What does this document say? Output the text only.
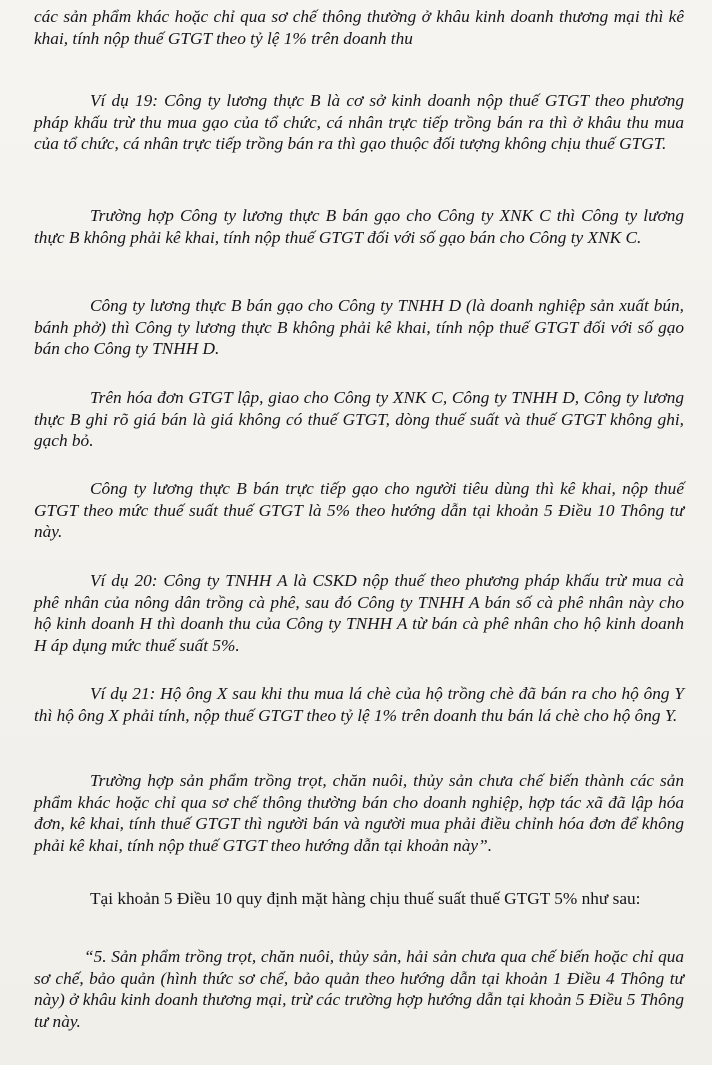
các sản phẩm khác hoặc chỉ qua sơ chế thông thường ở khâu kinh doanh thương mại thì kê khai, tính nộp thuế GTGT theo tỷ lệ 1% trên doanh thu

Ví dụ 19: Công ty lương thực B là cơ sở kinh doanh nộp thuế GTGT theo phương pháp khấu trừ thu mua gạo của tổ chức, cá nhân trực tiếp trồng bán ra thì ở khâu thu mua của tổ chức, cá nhân trực tiếp trồng bán ra thì gạo thuộc đối tượng không chịu thuế GTGT.

Trường hợp Công ty lương thực B bán gạo cho Công ty XNK C thì Công ty lương thực B không phải kê khai, tính nộp thuế GTGT đối với số gạo bán cho Công ty XNK C.

Công ty lương thực B bán gạo cho Công ty TNHH D (là doanh nghiệp sản xuất bún, bánh phở) thì Công ty lương thực B không phải kê khai, tính nộp thuế GTGT đối với số gạo bán cho Công ty TNHH D.

Trên hóa đơn GTGT lập, giao cho Công ty XNK C, Công ty TNHH D, Công ty lương thực B ghi rõ giá bán là giá không có thuế GTGT, dòng thuế suất và thuế GTGT không ghi, gạch bỏ.

Công ty lương thực B bán trực tiếp gạo cho người tiêu dùng thì kê khai, nộp thuế GTGT theo mức thuế suất thuế GTGT là 5% theo hướng dẫn tại khoản 5 Điều 10 Thông tư này.

Ví dụ 20: Công ty TNHH A là CSKD nộp thuế theo phương pháp khấu trừ mua cà phê nhân của nông dân trồng cà phê, sau đó Công ty TNHH A bán số cà phê nhân này cho hộ kinh doanh H thì doanh thu của Công ty TNHH A từ bán cà phê nhân cho hộ kinh doanh H áp dụng mức thuế suất 5%.

Ví dụ 21: Hộ ông X sau khi thu mua lá chè của hộ trồng chè đã bán ra cho hộ ông Y thì hộ ông X phải tính, nộp thuế GTGT theo tỷ lệ 1% trên doanh thu bán lá chè cho hộ ông Y.

Trường hợp sản phẩm trồng trọt, chăn nuôi, thủy sản chưa chế biến thành các sản phẩm khác hoặc chỉ qua sơ chế thông thường bán cho doanh nghiệp, hợp tác xã đã lập hóa đơn, kê khai, tính thuế GTGT thì người bán và người mua phải điều chỉnh hóa đơn để không phải kê khai, tính nộp thuế GTGT theo hướng dẫn tại khoản này”.

Tại khoản 5 Điều 10 quy định mặt hàng chịu thuế suất thuế GTGT 5% như sau:

“5. Sản phẩm trồng trọt, chăn nuôi, thủy sản, hải sản chưa qua chế biến hoặc chỉ qua sơ chế, bảo quản (hình thức sơ chế, bảo quản theo hướng dẫn tại khoản 1 Điều 4 Thông tư này) ở khâu kinh doanh thương mại, trừ các trường hợp hướng dẫn tại khoản 5 Điều 5 Thông tư này.
